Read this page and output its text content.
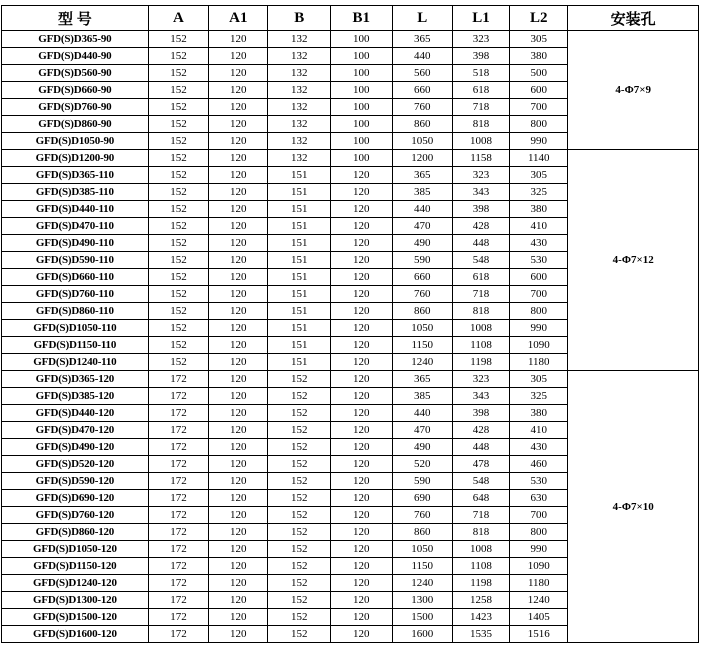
型 号	A	A1	B	B1	L	L1	L2	安装孔
GFD(S)D365-90	152	120	132	100	365	323	305	4-Φ7×9
GFD(S)D440-90	152	120	132	100	440	398	380	
GFD(S)D560-90	152	120	132	100	560	518	500	
GFD(S)D660-90	152	120	132	100	660	618	600	
GFD(S)D760-90	152	120	132	100	760	718	700	
GFD(S)D860-90	152	120	132	100	860	818	800	
GFD(S)D1050-90	152	120	132	100	1050	1008	990	
GFD(S)D1200-90	152	120	132	100	1200	1158	1140	4-Φ7×12
GFD(S)D365-110	152	120	151	120	365	323	305	
GFD(S)D385-110	152	120	151	120	385	343	325	
GFD(S)D440-110	152	120	151	120	440	398	380	
GFD(S)D470-110	152	120	151	120	470	428	410	
GFD(S)D490-110	152	120	151	120	490	448	430	
GFD(S)D590-110	152	120	151	120	590	548	530	
GFD(S)D660-110	152	120	151	120	660	618	600	
GFD(S)D760-110	152	120	151	120	760	718	700	
GFD(S)D860-110	152	120	151	120	860	818	800	
GFD(S)D1050-110	152	120	151	120	1050	1008	990	
GFD(S)D1150-110	152	120	151	120	1150	1108	1090	
GFD(S)D1240-110	152	120	151	120	1240	1198	1180	
GFD(S)D365-120	172	120	152	120	365	323	305	4-Φ7×10
GFD(S)D385-120	172	120	152	120	385	343	325	
GFD(S)D440-120	172	120	152	120	440	398	380	
GFD(S)D470-120	172	120	152	120	470	428	410	
GFD(S)D490-120	172	120	152	120	490	448	430	
GFD(S)D520-120	172	120	152	120	520	478	460	
GFD(S)D590-120	172	120	152	120	590	548	530	
GFD(S)D690-120	172	120	152	120	690	648	630	
GFD(S)D760-120	172	120	152	120	760	718	700	
GFD(S)D860-120	172	120	152	120	860	818	800	
GFD(S)D1050-120	172	120	152	120	1050	1008	990	
GFD(S)D1150-120	172	120	152	120	1150	1108	1090	
GFD(S)D1240-120	172	120	152	120	1240	1198	1180	
GFD(S)D1300-120	172	120	152	120	1300	1258	1240	
GFD(S)D1500-120	172	120	152	120	1500	1423	1405	
GFD(S)D1600-120	172	120	152	120	1600	1535	1516	
